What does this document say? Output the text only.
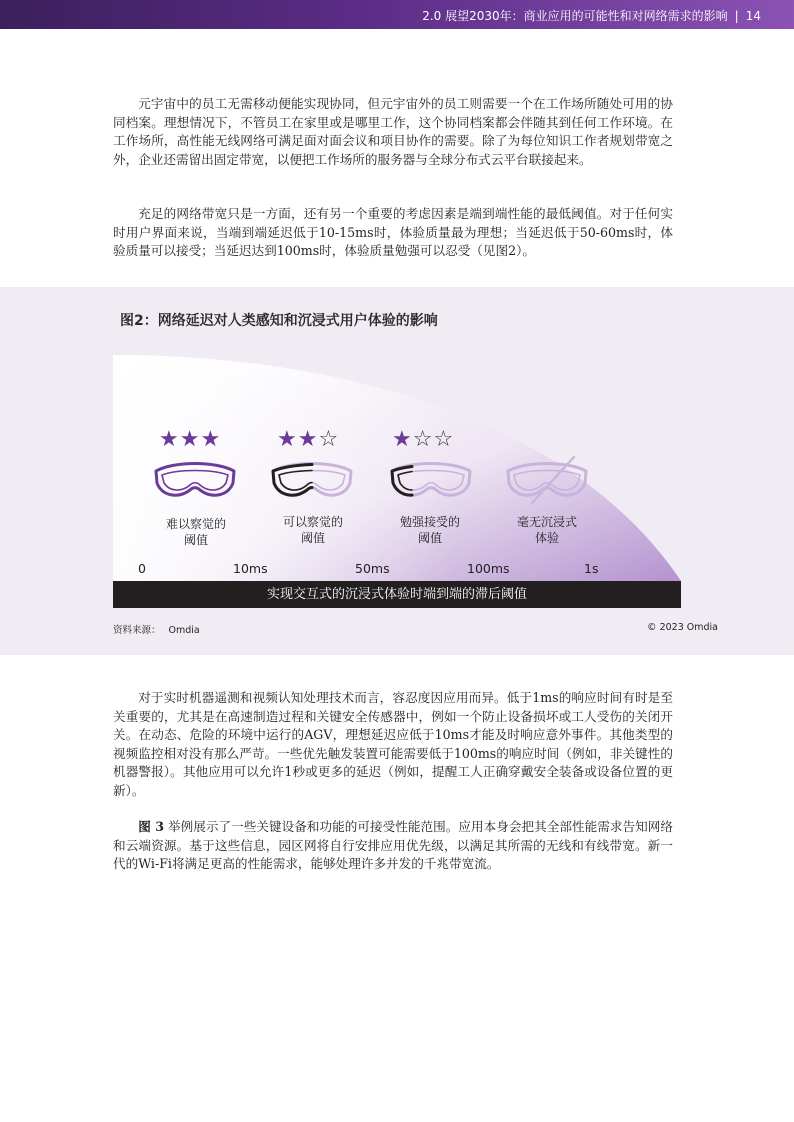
2.0 展望2030年：商业应用的可能性和对网络需求的影响 | 14

元宇宙中的员工无需移动便能实现协同，但元宇宙外的员工则需要一个在工作场所随处可用的协同档案。理想情况下，不管员工在家里或是哪里工作，这个协同档案都会伴随其到任何工作环境。在工作场所，高性能无线网络可满足面对面会议和项目协作的需要。除了为每位知识工作者规划带宽之外，企业还需留出固定带宽，以便把工作场所的服务器与全球分布式云平台联接起来。

充足的网络带宽只是一方面，还有另一个重要的考虑因素是端到端性能的最低阈值。对于任何实时用户界面来说，当端到端延迟低于10-15ms时，体验质量最为理想；当延迟低于50-60ms时，体验质量可以接受；当延迟达到100ms时，体验质量勉强可以忍受（见图2）。

图2：网络延迟对人类感知和沉浸式用户体验的影响
★★★	★★☆ ★☆☆
难以察觉的
阈值
可以察觉的
阈值
勉强接受的
阈值
毫无沉浸式
体验
0	10ms	50ms	100ms	1s
实现交互式的沉浸式体验时端到端的滞后阈值
资料来源： Omdia	© 2023 Omdia

对于实时机器遥测和视频认知处理技术而言，容忍度因应用而异。低于1ms的响应时间有时是至关重要的，尤其是在高速制造过程和关键安全传感器中，例如一个防止设备损坏或工人受伤的关闭开关。在动态、危险的环境中运行的AGV，理想延迟应低于10ms才能及时响应意外事件。其他类型的视频监控相对没有那么严苛。一些优先触发装置可能需要低于100ms的响应时间（例如，非关键性的机器警报）。其他应用可以允许1秒或更多的延迟（例如，提醒工人正确穿戴安全装备或设备位置的更新）。

图 3 举例展示了一些关键设备和功能的可接受性能范围。应用本身会把其全部性能需求告知网络和云端资源。基于这些信息，园区网将自行安排应用优先级，以满足其所需的无线和有线带宽。新一代的Wi-Fi将满足更高的性能需求，能够处理许多并发的千兆带宽流。
